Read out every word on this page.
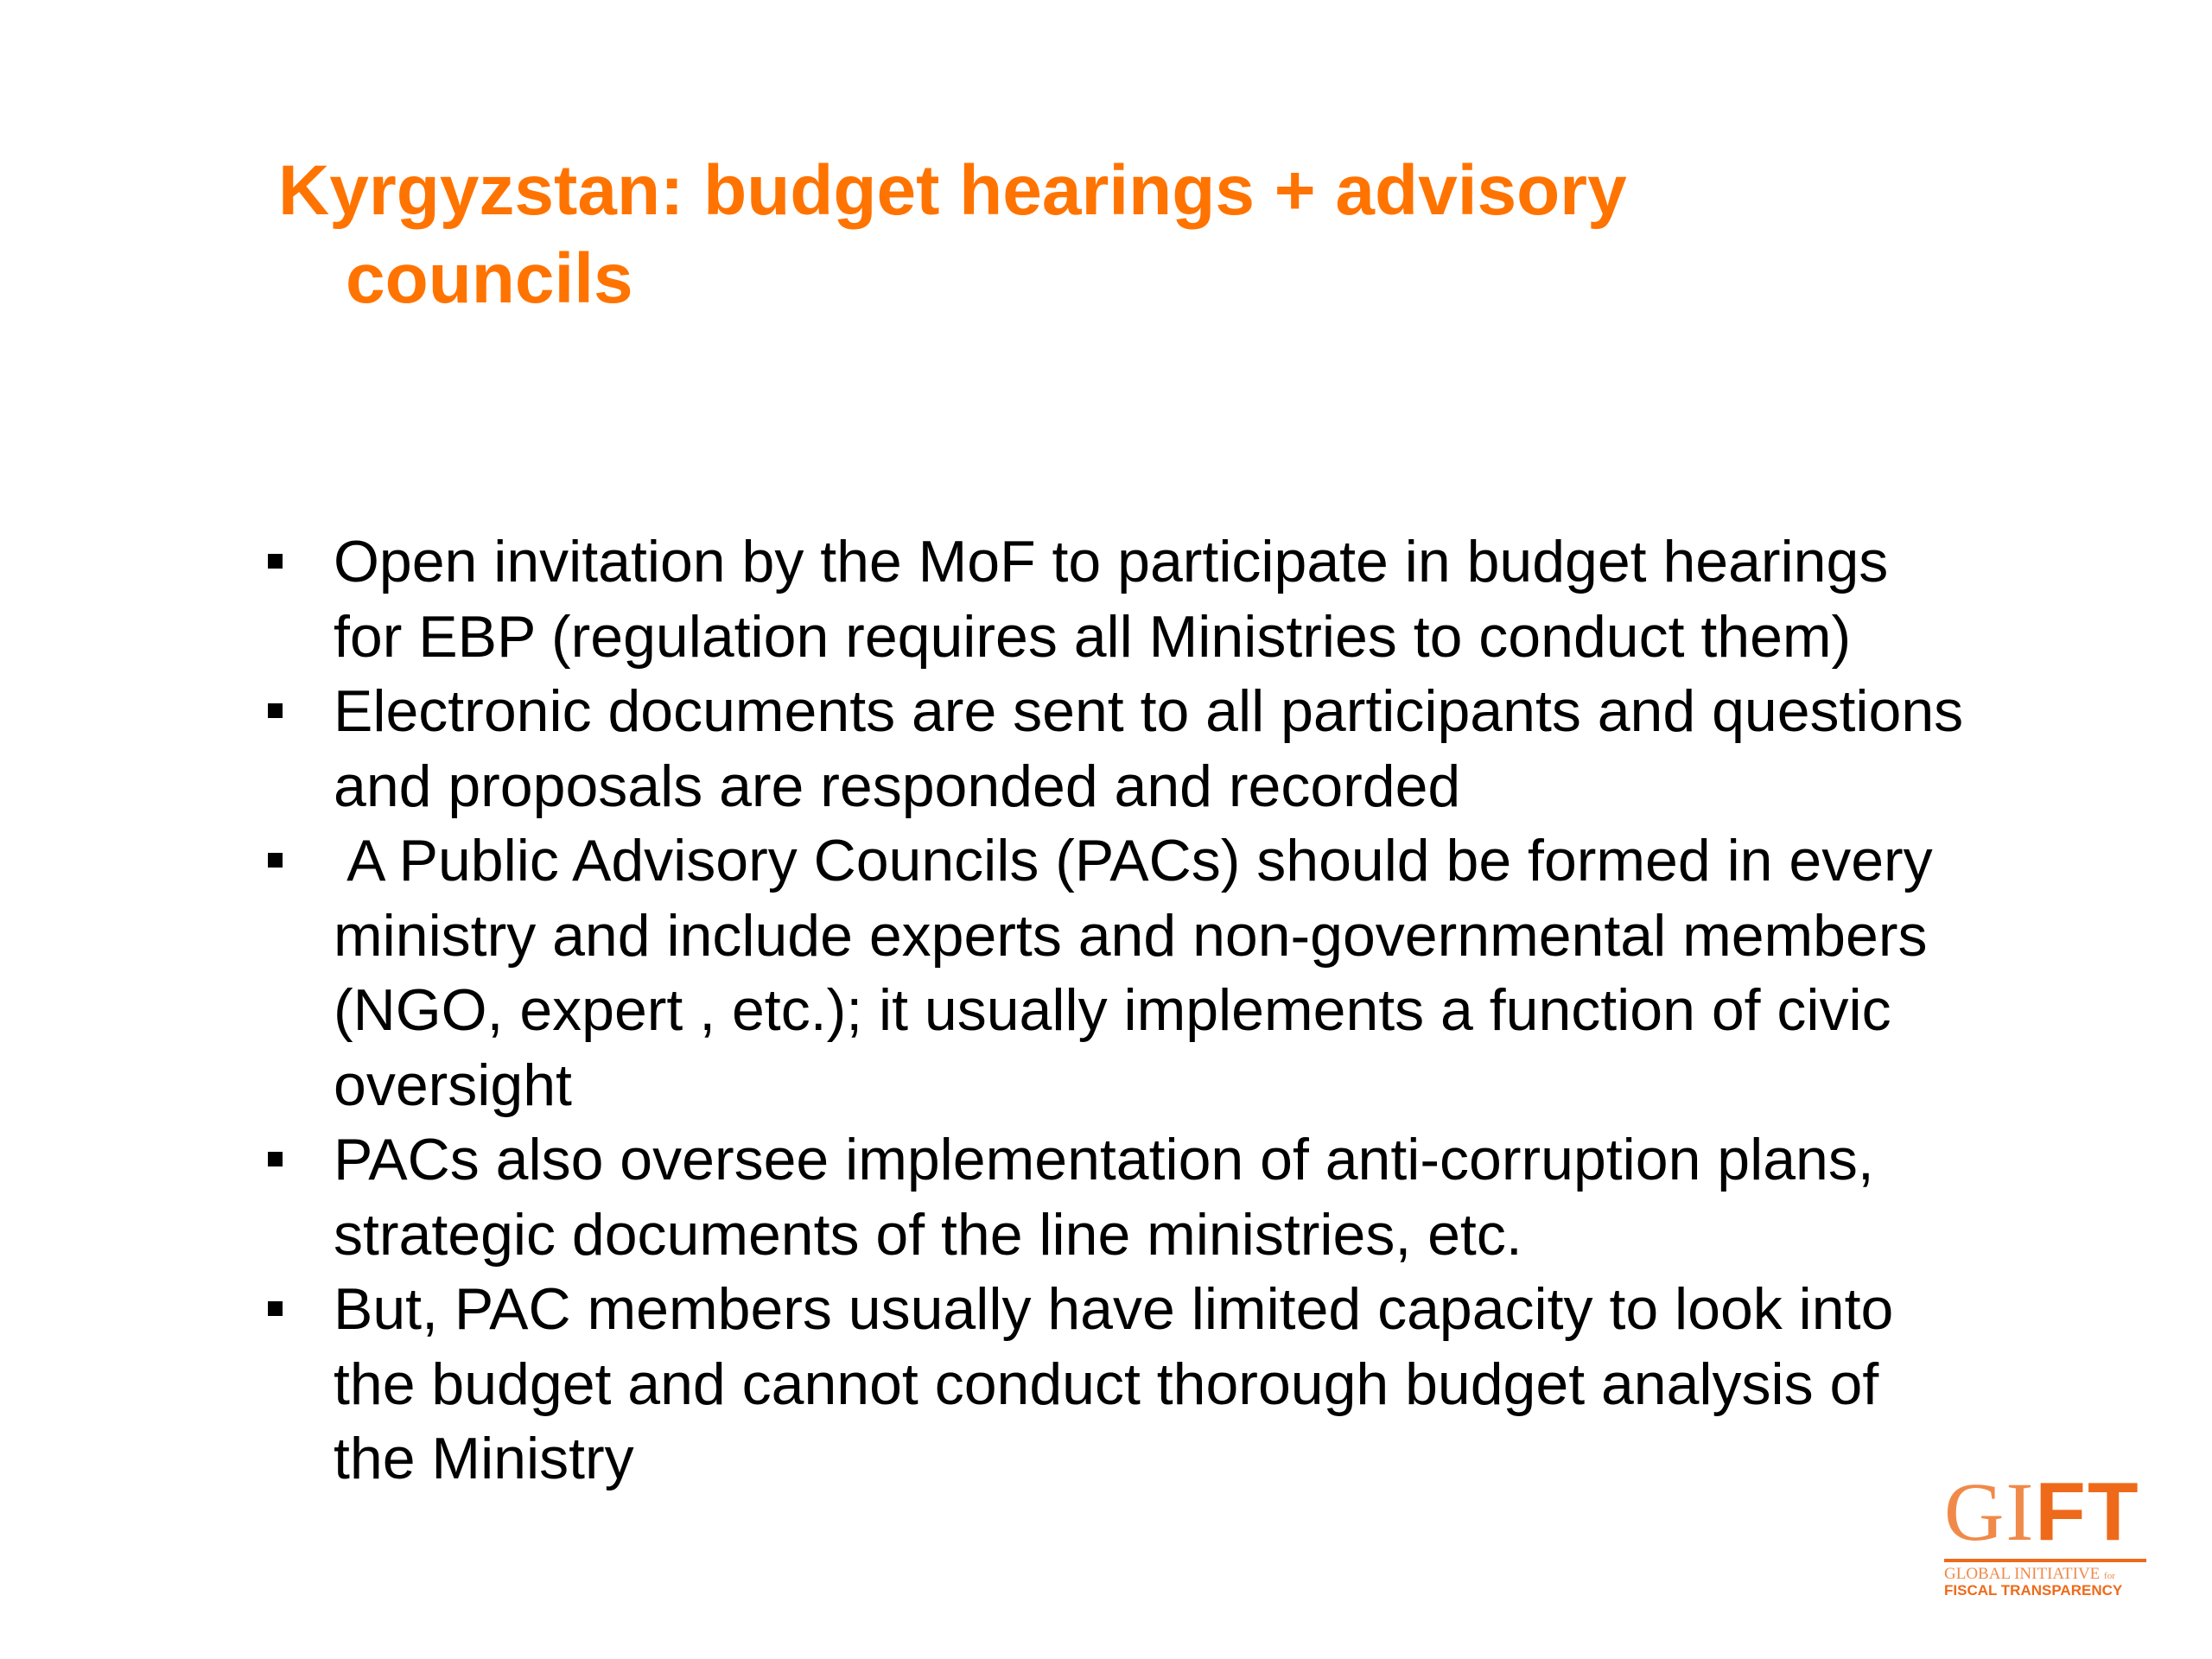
Kyrgyzstan: budget hearings + advisory
councils
Open invitation by the MoF to participate in budget hearings
for EBP (regulation requires all Ministries to conduct them)
Electronic documents are sent to all participants and questions
and proposals are responded and recorded
A Public Advisory Councils (PACs) should be formed in every
ministry and include experts and non-governmental members
(NGO, expert , etc.); it usually implements a function of civic
oversight
PACs also oversee implementation of anti-corruption plans,
strategic documents of the line ministries, etc.
But, PAC members usually have limited capacity to look into
the budget and cannot conduct thorough budget analysis of
the Ministry
GIFT
GLOBAL INITIATIVE for
FISCAL TRANSPARENCY
